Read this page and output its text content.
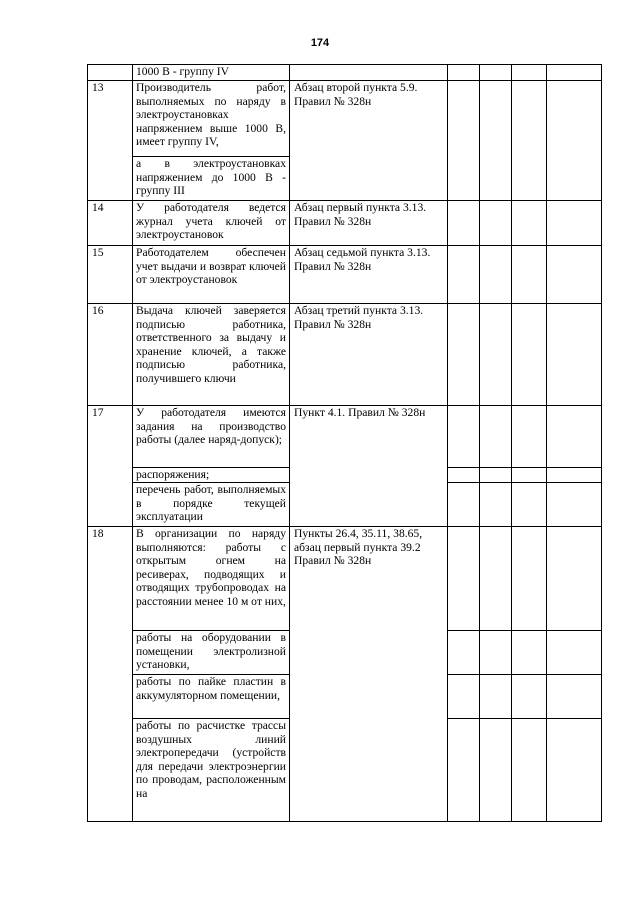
174
	1000 В - группу IV					
13	Производитель работ, выполняемых по наряду в электроустановках напряжением выше 1000 В, имеет группу IV,	Абзац второй пункта 5.9. Правил № 328н				
	а в электроустановках напряжением до 1000 В - группу III					
14	У работодателя ведется журнал учета ключей от электроустановок	Абзац первый пункта 3.13. Правил № 328н				
15	Работодателем обеспечен учет выдачи и возврат ключей от электроустановок	Абзац седьмой пункта 3.13. Правил № 328н				
16	Выдача ключей заверяется подписью работника, ответственного за выдачу и хранение ключей, а также подписью работника, получившего ключи	Абзац третий пункта 3.13. Правил № 328н				
17	У работодателя имеются задания на производство работы (далее наряд-допуск);	Пункт 4.1. Правил № 328н				
	распоряжения;					
	перечень работ, выполняемых в порядке текущей эксплуатации					
18	В организации по наряду выполняются: работы с открытым огнем на ресиверах, подводящих и отводящих трубопроводах на расстоянии менее 10 м от них,	Пункты 26.4, 35.11, 38.65, абзац первый пункта 39.2 Правил № 328н				
	работы на оборудовании в помещении электролизной установки,					
	работы по пайке пластин в аккумуляторном помещении,					
	работы по расчистке трассы воздушных линий электропередачи (устройств для передачи электроэнергии по проводам, расположенным на					
